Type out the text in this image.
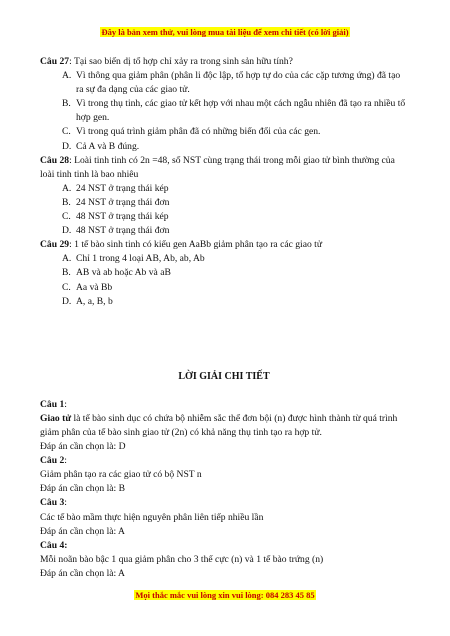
Đây là bản xem thử, vui lòng mua tài liệu để xem chi tiết (có lời giải)

Câu 27: Tại sao biến dị tổ hợp chỉ xảy ra trong sinh sản hữu tính?

A. Vì thông qua giảm phân (phân li độc lập, tổ hợp tự do của các cặp tương ứng) đã tạo ra sự đa dạng của các giao tử.
B. Vì trong thụ tinh, các giao tử kết hợp với nhau một cách ngẫu nhiên đã tạo ra nhiều tổ hợp gen.
C. Vì trong quá trình giảm phân đã có những biến đổi của các gen.
D. Cả A và B đúng.

Câu 28: Loài tinh tinh có 2n =48, số NST cùng trạng thái trong mỗi giao tử bình thường của loài tinh tinh là bao nhiêu

A. 24 NST ở trạng thái kép
B. 24 NST ở trạng thái đơn
C. 48 NST ở trạng thái kép
D. 48 NST ở trạng thái đơn

Câu 29: 1 tế bào sinh tinh có kiểu gen AaBb giảm phân tạo ra các giao tử

A. Chỉ 1 trong 4 loại AB, Ab, ab, Ab
B. AB và ab hoặc Ab và aB
C. Aa và Bb
D. A, a, B, b
LỜI GIẢI CHI TIẾT

Câu 1:

Giao tử là tế bào sinh dục có chứa bộ nhiễm sắc thể đơn bội (n) được hình thành từ quá trình giảm phân của tế bào sinh giao tử (2n) có khả năng thụ tinh tạo ra hợp tử.

Đáp án cần chọn là: D

Câu 2:

Giảm phân tạo ra các giao tử có bộ NST n

Đáp án cần chọn là: B

Câu 3:

Các tế bào mầm thực hiện nguyên phân liên tiếp nhiều lần

Đáp án cần chọn là: A

Câu 4:

Mỗi noãn bào bậc 1 qua giảm phân cho 3 thể cực (n) và 1 tế bào trứng (n)

Đáp án cần chọn là: A

Mọi thắc mắc vui lòng xin vui lòng: 084 283 45 85
